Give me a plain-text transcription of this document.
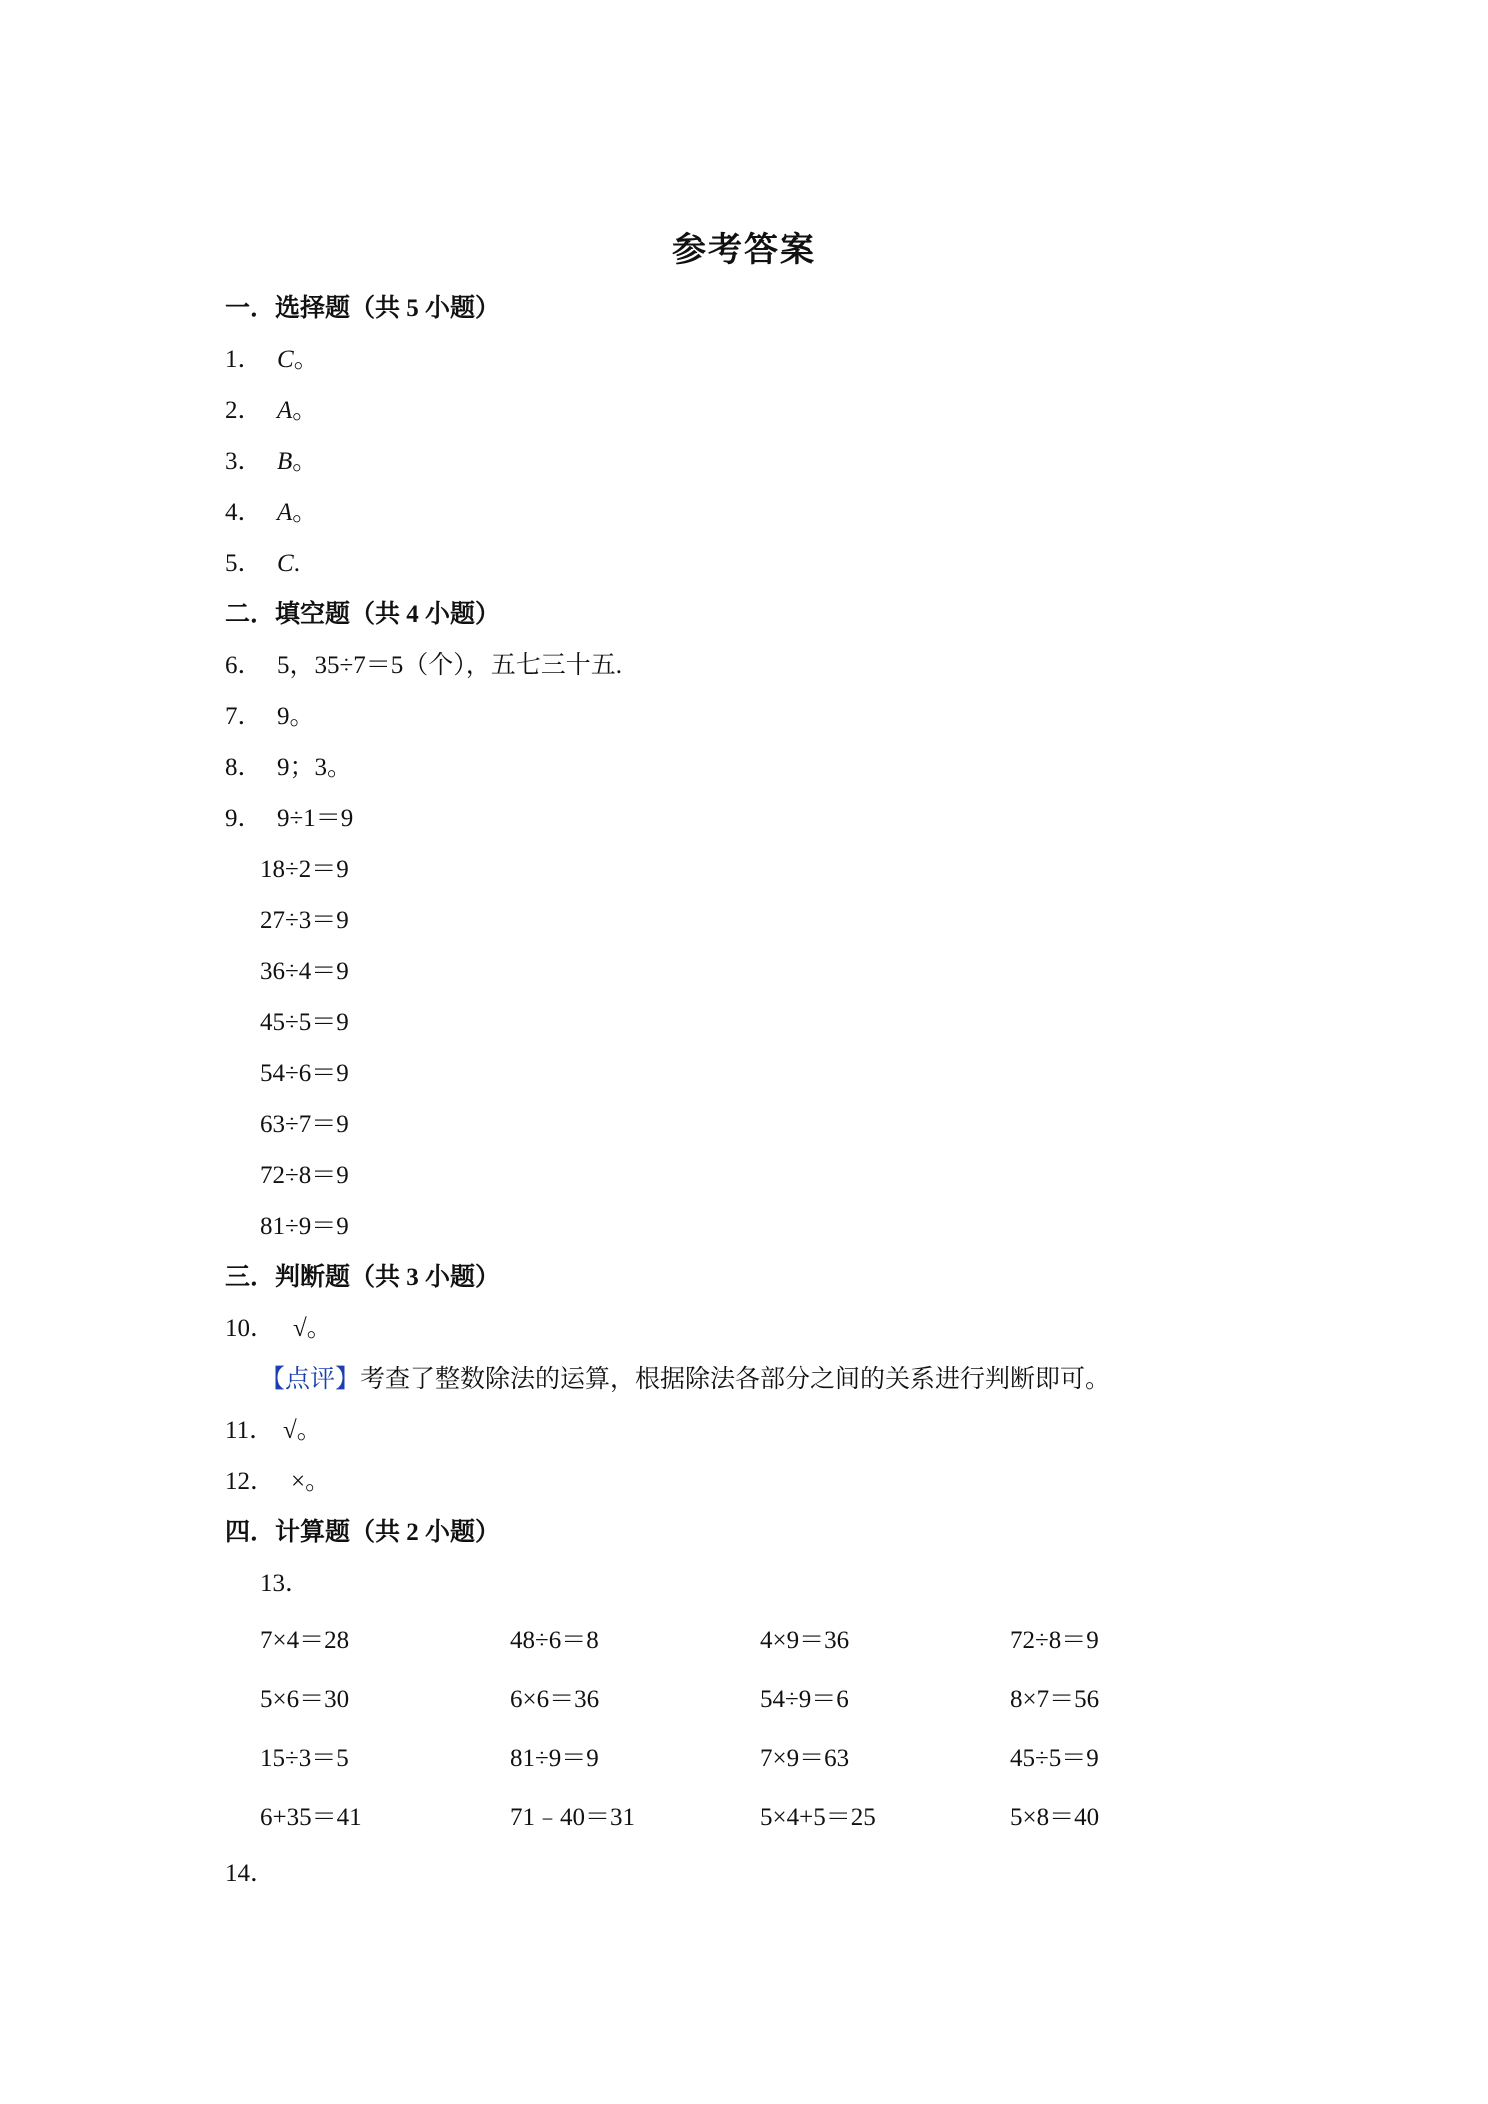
参考答案
一．选择题（共 5 小题）
1． C。
2． A。
3． B。
4． A。
5． C.
二．填空题（共 4 小题）
6． 5，35÷7＝5（个），五七三十五.
7． 9。
8． 9；3。
9． 9÷1＝9
18÷2＝9
27÷3＝9
36÷4＝9
45÷5＝9
54÷6＝9
63÷7＝9
72÷8＝9
81÷9＝9
三．判断题（共 3 小题）
10． √。
【点评】考查了整数除法的运算，根据除法各部分之间的关系进行判断即可。
11． √。
12． ×。
四．计算题（共 2 小题）
13．
7×4＝28	48÷6＝8	4×9＝36	72÷8＝9
5×6＝30	6×6＝36	54÷9＝6	8×7＝56
15÷3＝5	81÷9＝9	7×9＝63	45÷5＝9
6+35＝41	71﹣40＝31	5×4+5＝25	5×8＝40
14．
